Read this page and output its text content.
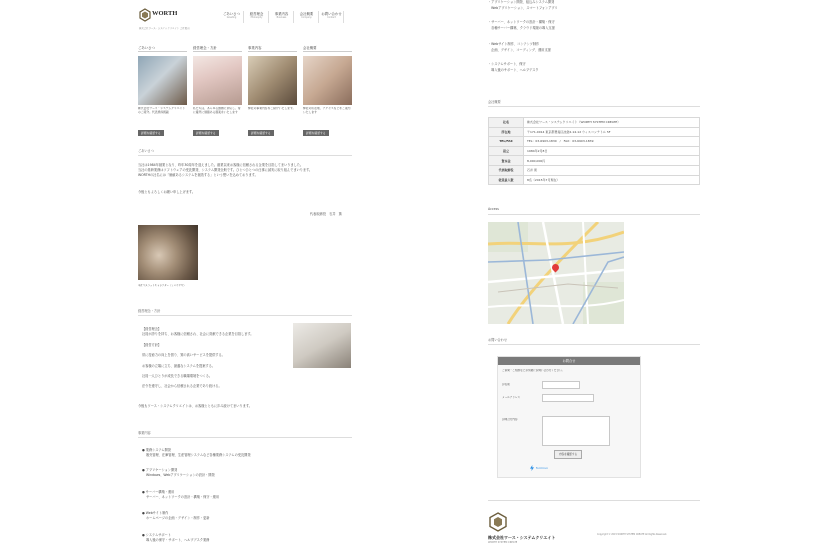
WORTH
株式会社ワース・システムクリエイト 会社案内
ごあいさつ
Greeting
経営理念
Philosophy
事業内容
Business
会社概要
Company
お問い合わせ
Contact
ごあいさつ
株式会社ワース・システムクリエイトのご紹介。代表挨拶掲載
詳細を確認する
経営理念・方針
私たちは、あらゆる課題に対応し、常に確実に価値ある提案をいたします
詳細を確認する
事業内容
弊社の事業内容をご紹介いたします。
詳細を確認する
会社概要
弊社の所在地、アクセスなどをご案内いたします
詳細を確認する
ごあいさつ
当社は1984年創業となり、昨年30周年を迎えました。創業以来お客様に信頼される企業を目指してまいりました。
当社の基幹業務はソフトウェアの受託開発、システム開発全般です。ひとつひとつの仕事に誠実に取り組んでまいります。
WORTHの社名には「価値あるシステムを創造する」という想いを込めております。
今後ともよろしくお願い申し上げます。
代表取締役　石井　篤
当社マスコットキャラクター（ミニウサギ）
経営理念・方針
【経営理念】
社員が誇りを持ち、お客様に信頼され、社会に貢献できる企業を目指します。
【経営方針】
常に技術力の向上を図り、質の高いサービスを提供する。
お客様の立場に立ち、最適なシステムを提案する。
社員一人ひとりが成長できる職場環境をつくる。
法令を遵守し、社会から信頼される企業であり続ける。
今後もワース・システムクリエイトは、お客様とともに歩み続けてまいります。
事業内容
● 業務システム開発
販売管理、在庫管理、生産管理システムなど各種業務システムの受託開発
● アプリケーション開発
Windows、Webアプリケーションの設計・開発
● サーバー構築・運用
サーバー、ネットワークの設計・構築・保守・運用
● Webサイト制作
ホームページの企画・デザイン・制作・更新
● システムサポート
導入後の保守・サポート、ヘルプデスク業務
・アプリケーション開発、組込みシステム開発
　Webアプリケーション、スマートフォンアプリ
・サーバー、ネットワークの設計・構築・保守
　各種サーバー構築、クラウド環境の導入支援
・Webサイト制作、コンテンツ制作
　企画、デザイン、コーディング、運用支援
・システムサポート、保守
　導入後のサポート、ヘルプデスク
会社概要
社名	株式会社ワース・システムクリエイト（WORTH SYSTEM CREATE）
所在地	〒171-0014 東京都豊島区池袋2-14-12 ウィスコンテトル 5F
TEL/FAX	TEL：03-6903-1830　/　FAX：03-6903-1839
設立	1984年2月8日
資本金	8,000,000円
代表取締役	石井 篤
従業員人数	8名（2015年7月現在）
Access
お問い合わせ
お問合せ
ご質問・ご相談などお気軽にお問い合わせください。
お名前
メールアドレス
お問合せ内容
内容を確認する
formrun
株式会社ワース・システムクリエイト
WORTH SYSTEM CREATE
Copyright © 2015 WORTH SYSTEM CREATE All Rights Reserved.
